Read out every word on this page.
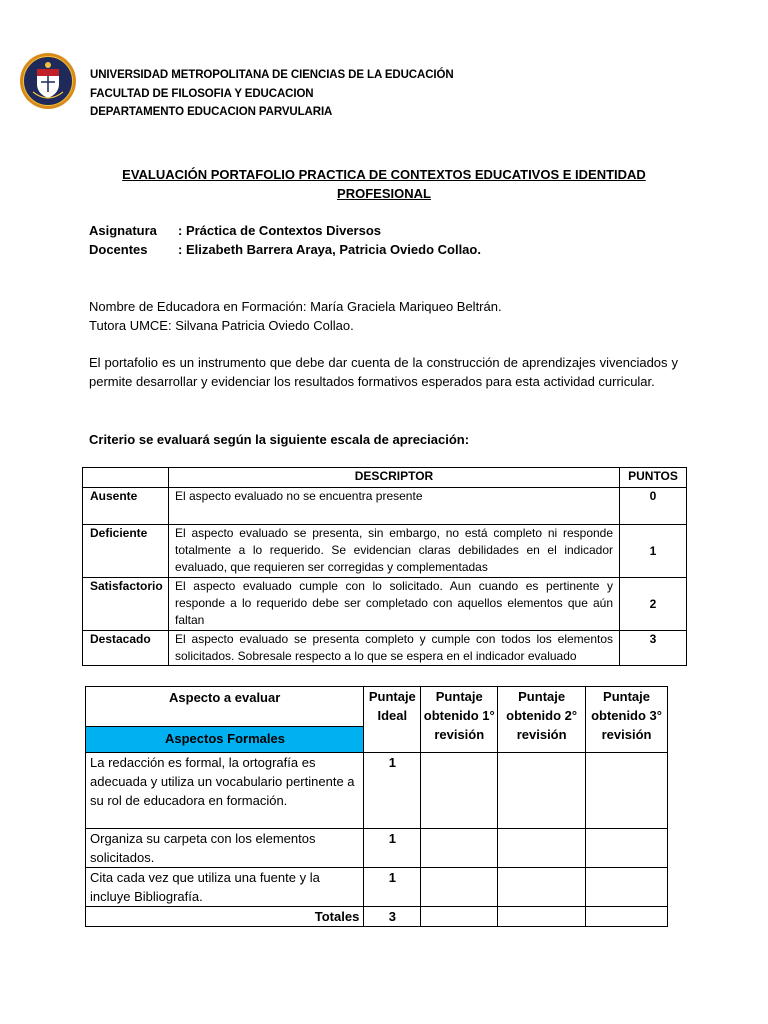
UNIVERSIDAD METROPOLITANA DE CIENCIAS DE LA EDUCACIÓN
FACULTAD DE FILOSOFIA Y EDUCACION
DEPARTAMENTO EDUCACION PARVULARIA
EVALUACIÓN PORTAFOLIO PRACTICA DE CONTEXTOS EDUCATIVOS E IDENTIDAD
PROFESIONAL
Asignatura	: Práctica de Contextos Diversos
Docentes	: Elizabeth Barrera Araya, Patricia Oviedo Collao.
Nombre de Educadora en Formación: María Graciela Mariqueo Beltrán.
Tutora UMCE: Silvana Patricia Oviedo Collao.
El portafolio es un instrumento que debe dar cuenta de la construcción de aprendizajes vivenciados y permite desarrollar y evidenciar los resultados formativos esperados para esta actividad curricular.
Criterio se evaluará según la siguiente escala de apreciación:
	DESCRIPTOR	PUNTOS
Ausente	El aspecto evaluado no se encuentra presente	0
Deficiente	El aspecto evaluado se presenta, sin embargo, no está completo ni responde totalmente a lo requerido. Se evidencian claras debilidades en el indicador evaluado, que requieren ser corregidas y complementadas	1
Satisfactorio	El aspecto evaluado cumple con lo solicitado. Aun cuando es pertinente y responde a lo requerido debe ser completado con aquellos elementos que aún faltan	2
Destacado	El aspecto evaluado se presenta completo y cumple con todos los elementos solicitados. Sobresale respecto a lo que se espera en el indicador evaluado	3
Aspecto a evaluar
Aspectos Formales	Puntaje Ideal	Puntaje obtenido 1° revisión	Puntaje obtenido 2° revisión	Puntaje obtenido 3° revisión
La redacción es formal, la ortografía es adecuada y utiliza un vocabulario pertinente a su rol de educadora en formación.	1			
Organiza su carpeta con los elementos solicitados.	1			
Cita cada vez que utiliza una fuente y la incluye Bibliografía.	1			
Totales	3			
